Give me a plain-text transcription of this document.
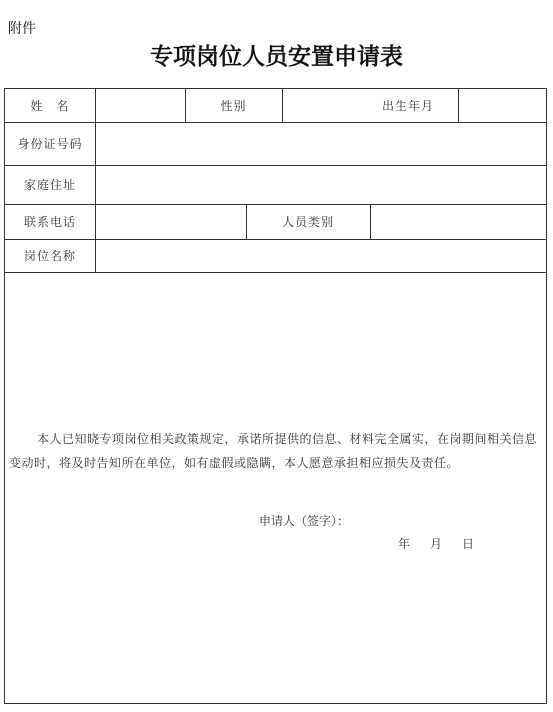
附件
专项岗位人员安置申请表
姓　名	性别	出生年月
身份证号码
家庭住址
联系电话	人员类别
岗位名称
本人已知晓专项岗位相关政策规定，承诺所提供的信息、材料完全属实，在岗期间相关信息变动时，将及时告知所在单位，如有虚假或隐瞒，本人愿意承担相应损失及责任。
申请人（签字）：
年 月 日
